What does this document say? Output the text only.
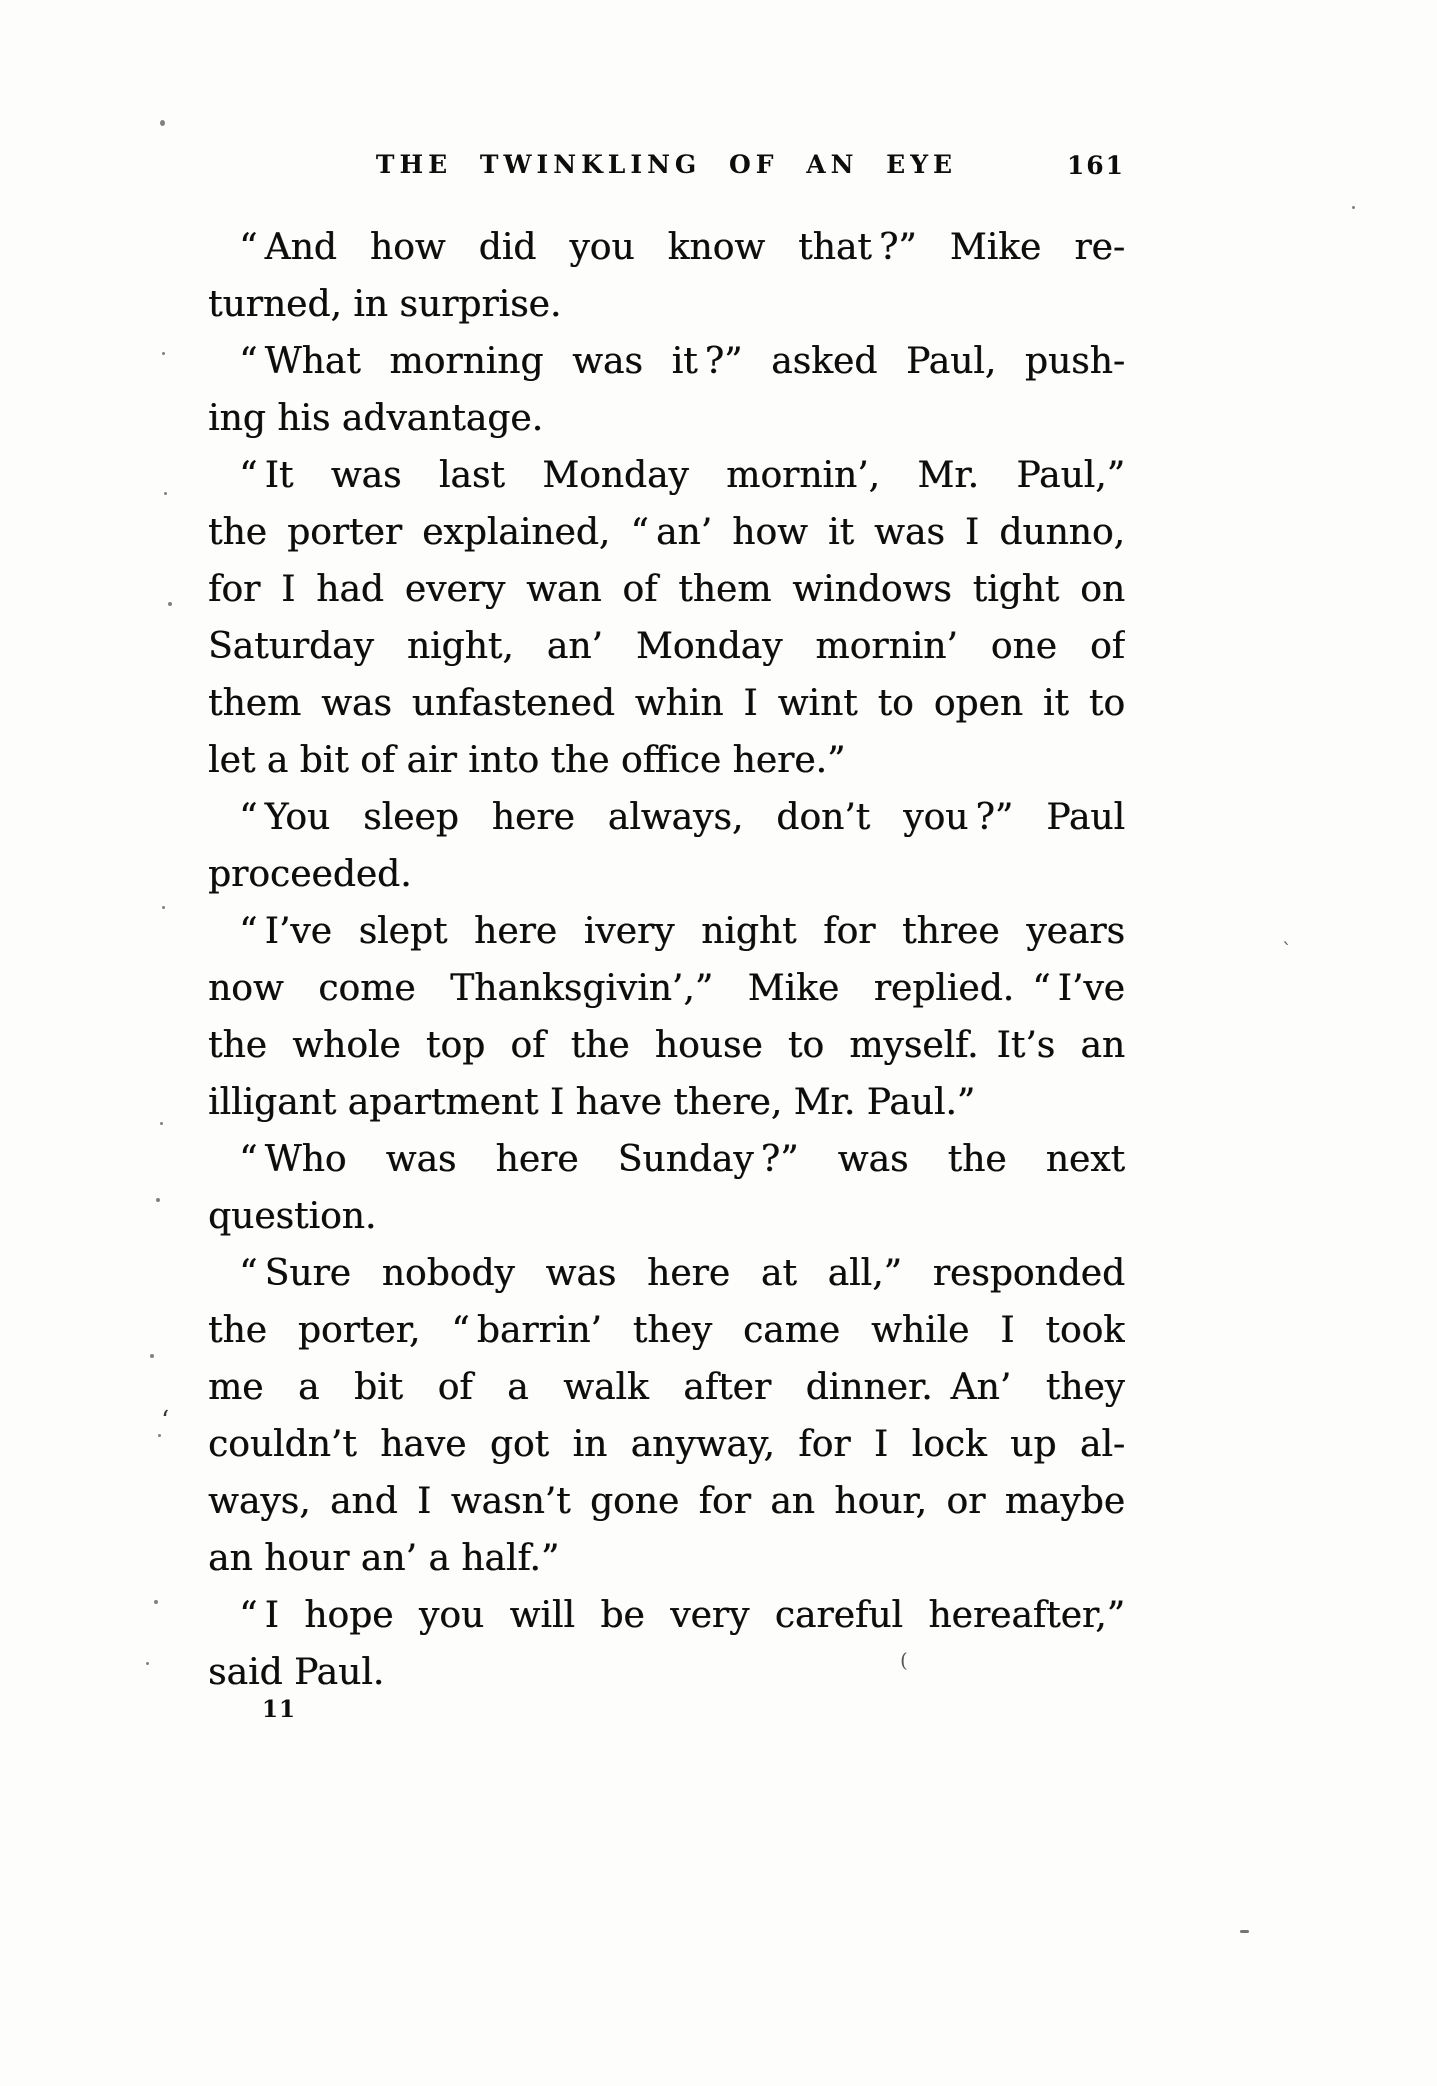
THE TWINKLING OF AN EYE	161
“ And how did you know that ?” Mike re-
turned, in surprise.
“ What morning was it ?” asked Paul, push-
ing his advantage.
“ It was last Monday mornin’, Mr. Paul,”
the porter explained, “ an’ how it was I dunno,
for I had every wan of them windows tight on
Saturday night, an’ Monday mornin’ one of
them was unfastened whin I wint to open it to
let a bit of air into the office here.”
“ You sleep here always, don’t you ?” Paul
proceeded.
“ I’ve slept here ivery night for three years
now come Thanksgivin’,” Mike replied. “ I’ve
the whole top of the house to myself. It’s an
illigant apartment I have there, Mr. Paul.”
“ Who was here Sunday ?” was the next
question.
“ Sure nobody was here at all,” responded
the porter, “ barrin’ they came while I took
me a bit of a walk after dinner. An’ they
couldn’t have got in anyway, for I lock up al-
ways, and I wasn’t gone for an hour, or maybe
an hour an’ a half.”
“ I hope you will be very careful hereafter,”
said Paul.
11
‘
(
`
